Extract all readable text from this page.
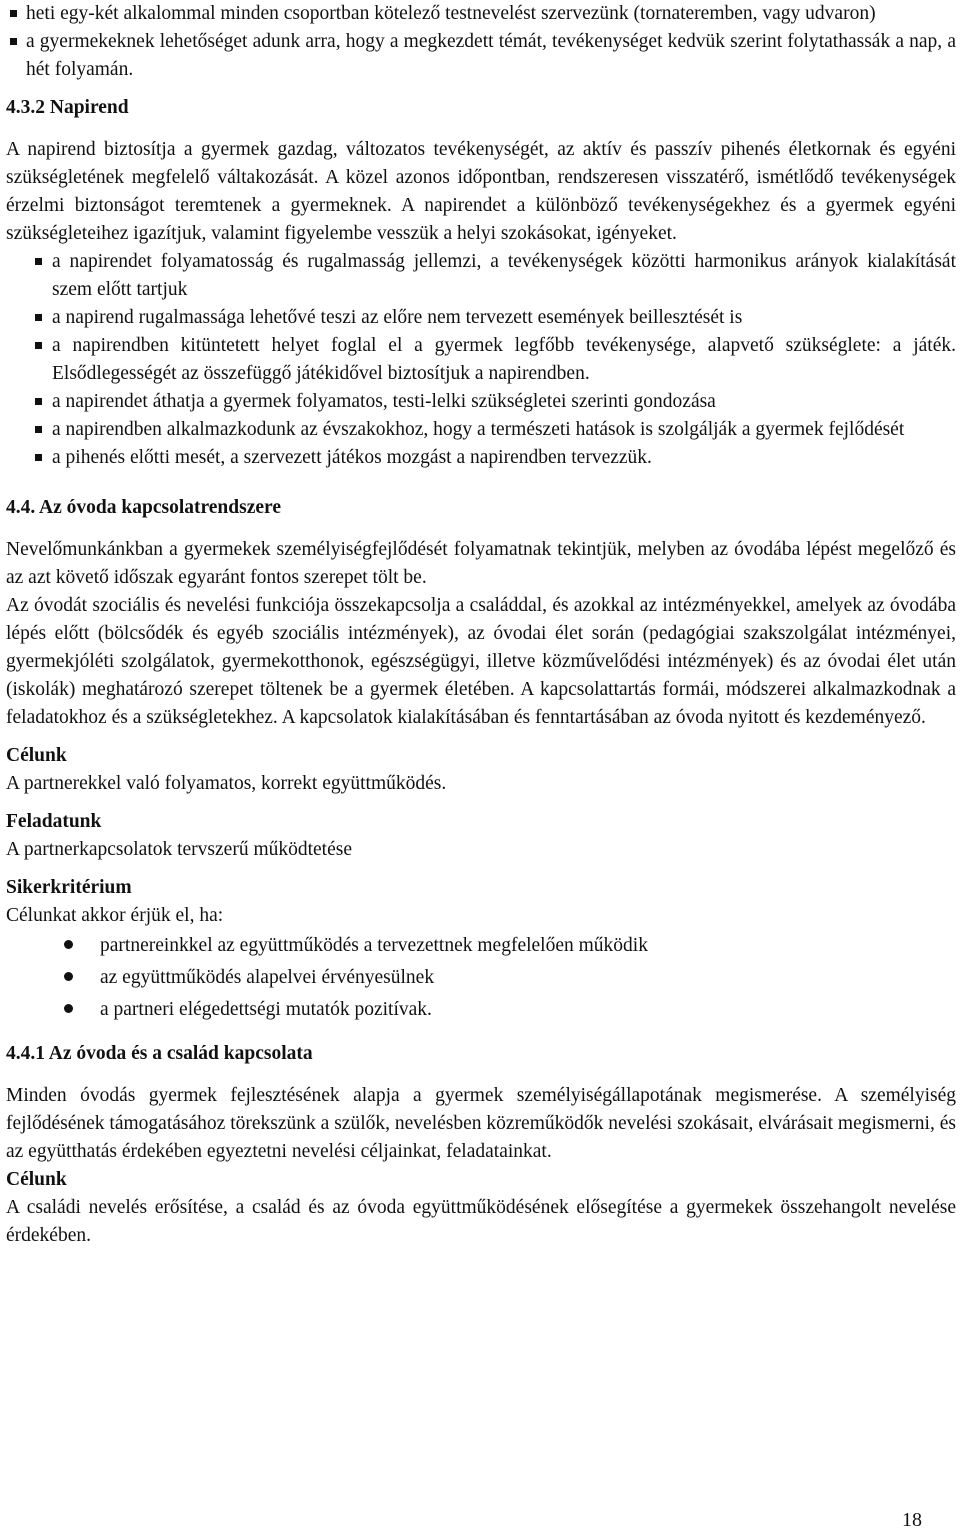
heti egy-két alkalommal minden csoportban kötelező testnevelést szervezünk (tornateremben, vagy udvaron)

a gyermekeknek lehetőséget adunk arra, hogy a megkezdett témát, tevékenységet kedvük szerint folytathassák a nap, a hét folyamán.

4.3.2 Napirend

A napirend biztosítja a gyermek gazdag, változatos tevékenységét, az aktív és passzív pihenés életkornak és egyéni szükségletének megfelelő váltakozását. A közel azonos időpontban, rendszeresen visszatérő, ismétlődő tevékenységek érzelmi biztonságot teremtenek a gyermeknek. A napirendet a különböző tevékenységekhez és a gyermek egyéni szükségleteihez igazítjuk, valamint figyelembe vesszük a helyi szokásokat, igényeket.

a napirendet folyamatosság és rugalmasság jellemzi, a tevékenységek közötti harmonikus arányok kialakítását szem előtt tartjuk

a napirend rugalmassága lehetővé teszi az előre nem tervezett események beillesztését is

a napirendben kitüntetett helyet foglal el a gyermek legfőbb tevékenysége, alapvető szükséglete: a játék. Elsődlegességét az összefüggő játékidővel biztosítjuk a napirendben.

a napirendet áthatja a gyermek folyamatos, testi-lelki szükségletei szerinti gondozása

a napirendben alkalmazkodunk az évszakokhoz, hogy a természeti hatások is szolgálják a gyermek fejlődését

a pihenés előtti mesét, a szervezett játékos mozgást a napirendben tervezzük.

4.4. Az óvoda kapcsolatrendszere

Nevelőmunkánkban a gyermekek személyiségfejlődését folyamatnak tekintjük, melyben az óvodába lépést megelőző és az azt követő időszak egyaránt fontos szerepet tölt be.

Az óvodát szociális és nevelési funkciója összekapcsolja a családdal, és azokkal az intézményekkel, amelyek az óvodába lépés előtt (bölcsődék és egyéb szociális intézmények), az óvodai élet során (pedagógiai szakszolgálat intézményei, gyermekjóléti szolgálatok, gyermekotthonok, egészségügyi, illetve közművelődési intézmények) és az óvodai élet után (iskolák) meghatározó szerepet töltenek be a gyermek életében. A kapcsolattartás formái, módszerei alkalmazkodnak a feladatokhoz és a szükségletekhez. A kapcsolatok kialakításában és fenntartásában az óvoda nyitott és kezdeményező.

Célunk

A partnerekkel való folyamatos, korrekt együttműködés.

Feladatunk

A partnerkapcsolatok tervszerű működtetése

Sikerkritérium

Célunkat akkor érjük el, ha:

partnereinkkel az együttműködés a tervezettnek megfelelően működik

az együttműködés alapelvei érvényesülnek

a partneri elégedettségi mutatók pozitívak.

4.4.1 Az óvoda és a család kapcsolata

Minden óvodás gyermek fejlesztésének alapja a gyermek személyiségállapotának megismerése. A személyiség fejlődésének támogatásához törekszünk a szülők, nevelésben közreműködők nevelési szokásait, elvárásait megismerni, és az együtthatás érdekében egyeztetni nevelési céljainkat, feladatainkat.

Célunk

A családi nevelés erősítése, a család és az óvoda együttműködésének elősegítése a gyermekek összehangolt nevelése érdekében.

18
